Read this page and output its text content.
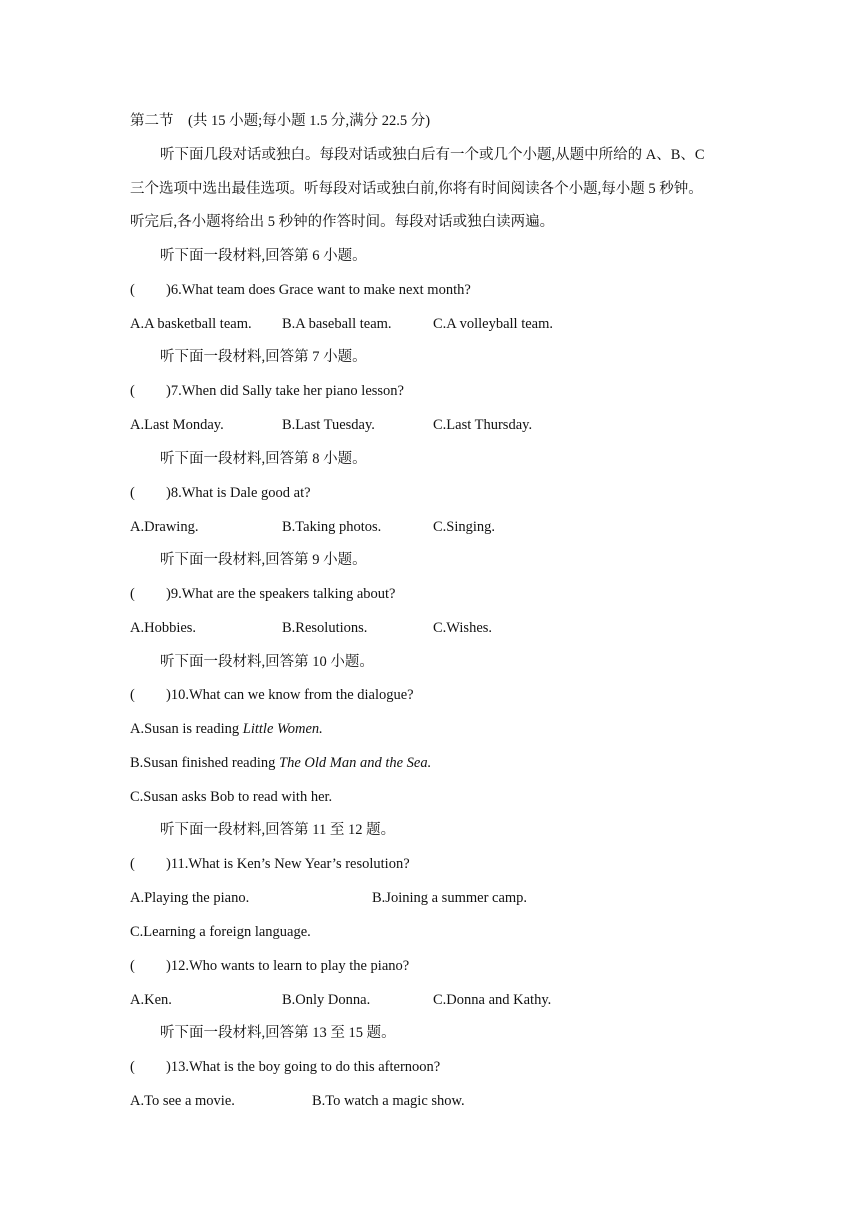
第二节　(共 15 小题;每小题 1.5 分,满分 22.5 分)
听下面几段对话或独白。每段对话或独白后有一个或几个小题,从题中所给的 A、B、C
三个选项中选出最佳选项。听每段对话或独白前,你将有时间阅读各个小题,每小题 5 秒钟。
听完后,各小题将给出 5 秒钟的作答时间。每段对话或独白读两遍。
听下面一段材料,回答第 6 小题。
( )6.What team does Grace want to make next month?
A.A basketball team. B.A baseball team.	C.A volleyball team.
听下面一段材料,回答第 7 小题。
( )7.When did Sally take her piano lesson?
A.Last Monday.	B.Last Tuesday.	C.Last Thursday.
听下面一段材料,回答第 8 小题。
( )8.What is Dale good at?
A.Drawing.	B.Taking photos.	C.Singing.
听下面一段材料,回答第 9 小题。
( )9.What are the speakers talking about?
A.Hobbies.	B.Resolutions.	C.Wishes.
听下面一段材料,回答第 10 小题。
( )10.What can we know from the dialogue?
A.Susan is reading Little Women.
B.Susan finished reading The Old Man and the Sea.
C.Susan asks Bob to read with her.
听下面一段材料,回答第 11 至 12 题。
( )11.What is Ken’s New Year’s resolution?
A.Playing the piano.	B.Joining a summer camp.
C.Learning a foreign language.
( )12.Who wants to learn to play the piano?
A.Ken.	B.Only Donna.	C.Donna and Kathy.
听下面一段材料,回答第 13 至 15 题。
( )13.What is the boy going to do this afternoon?
A.To see a movie.	B.To watch a magic show.
